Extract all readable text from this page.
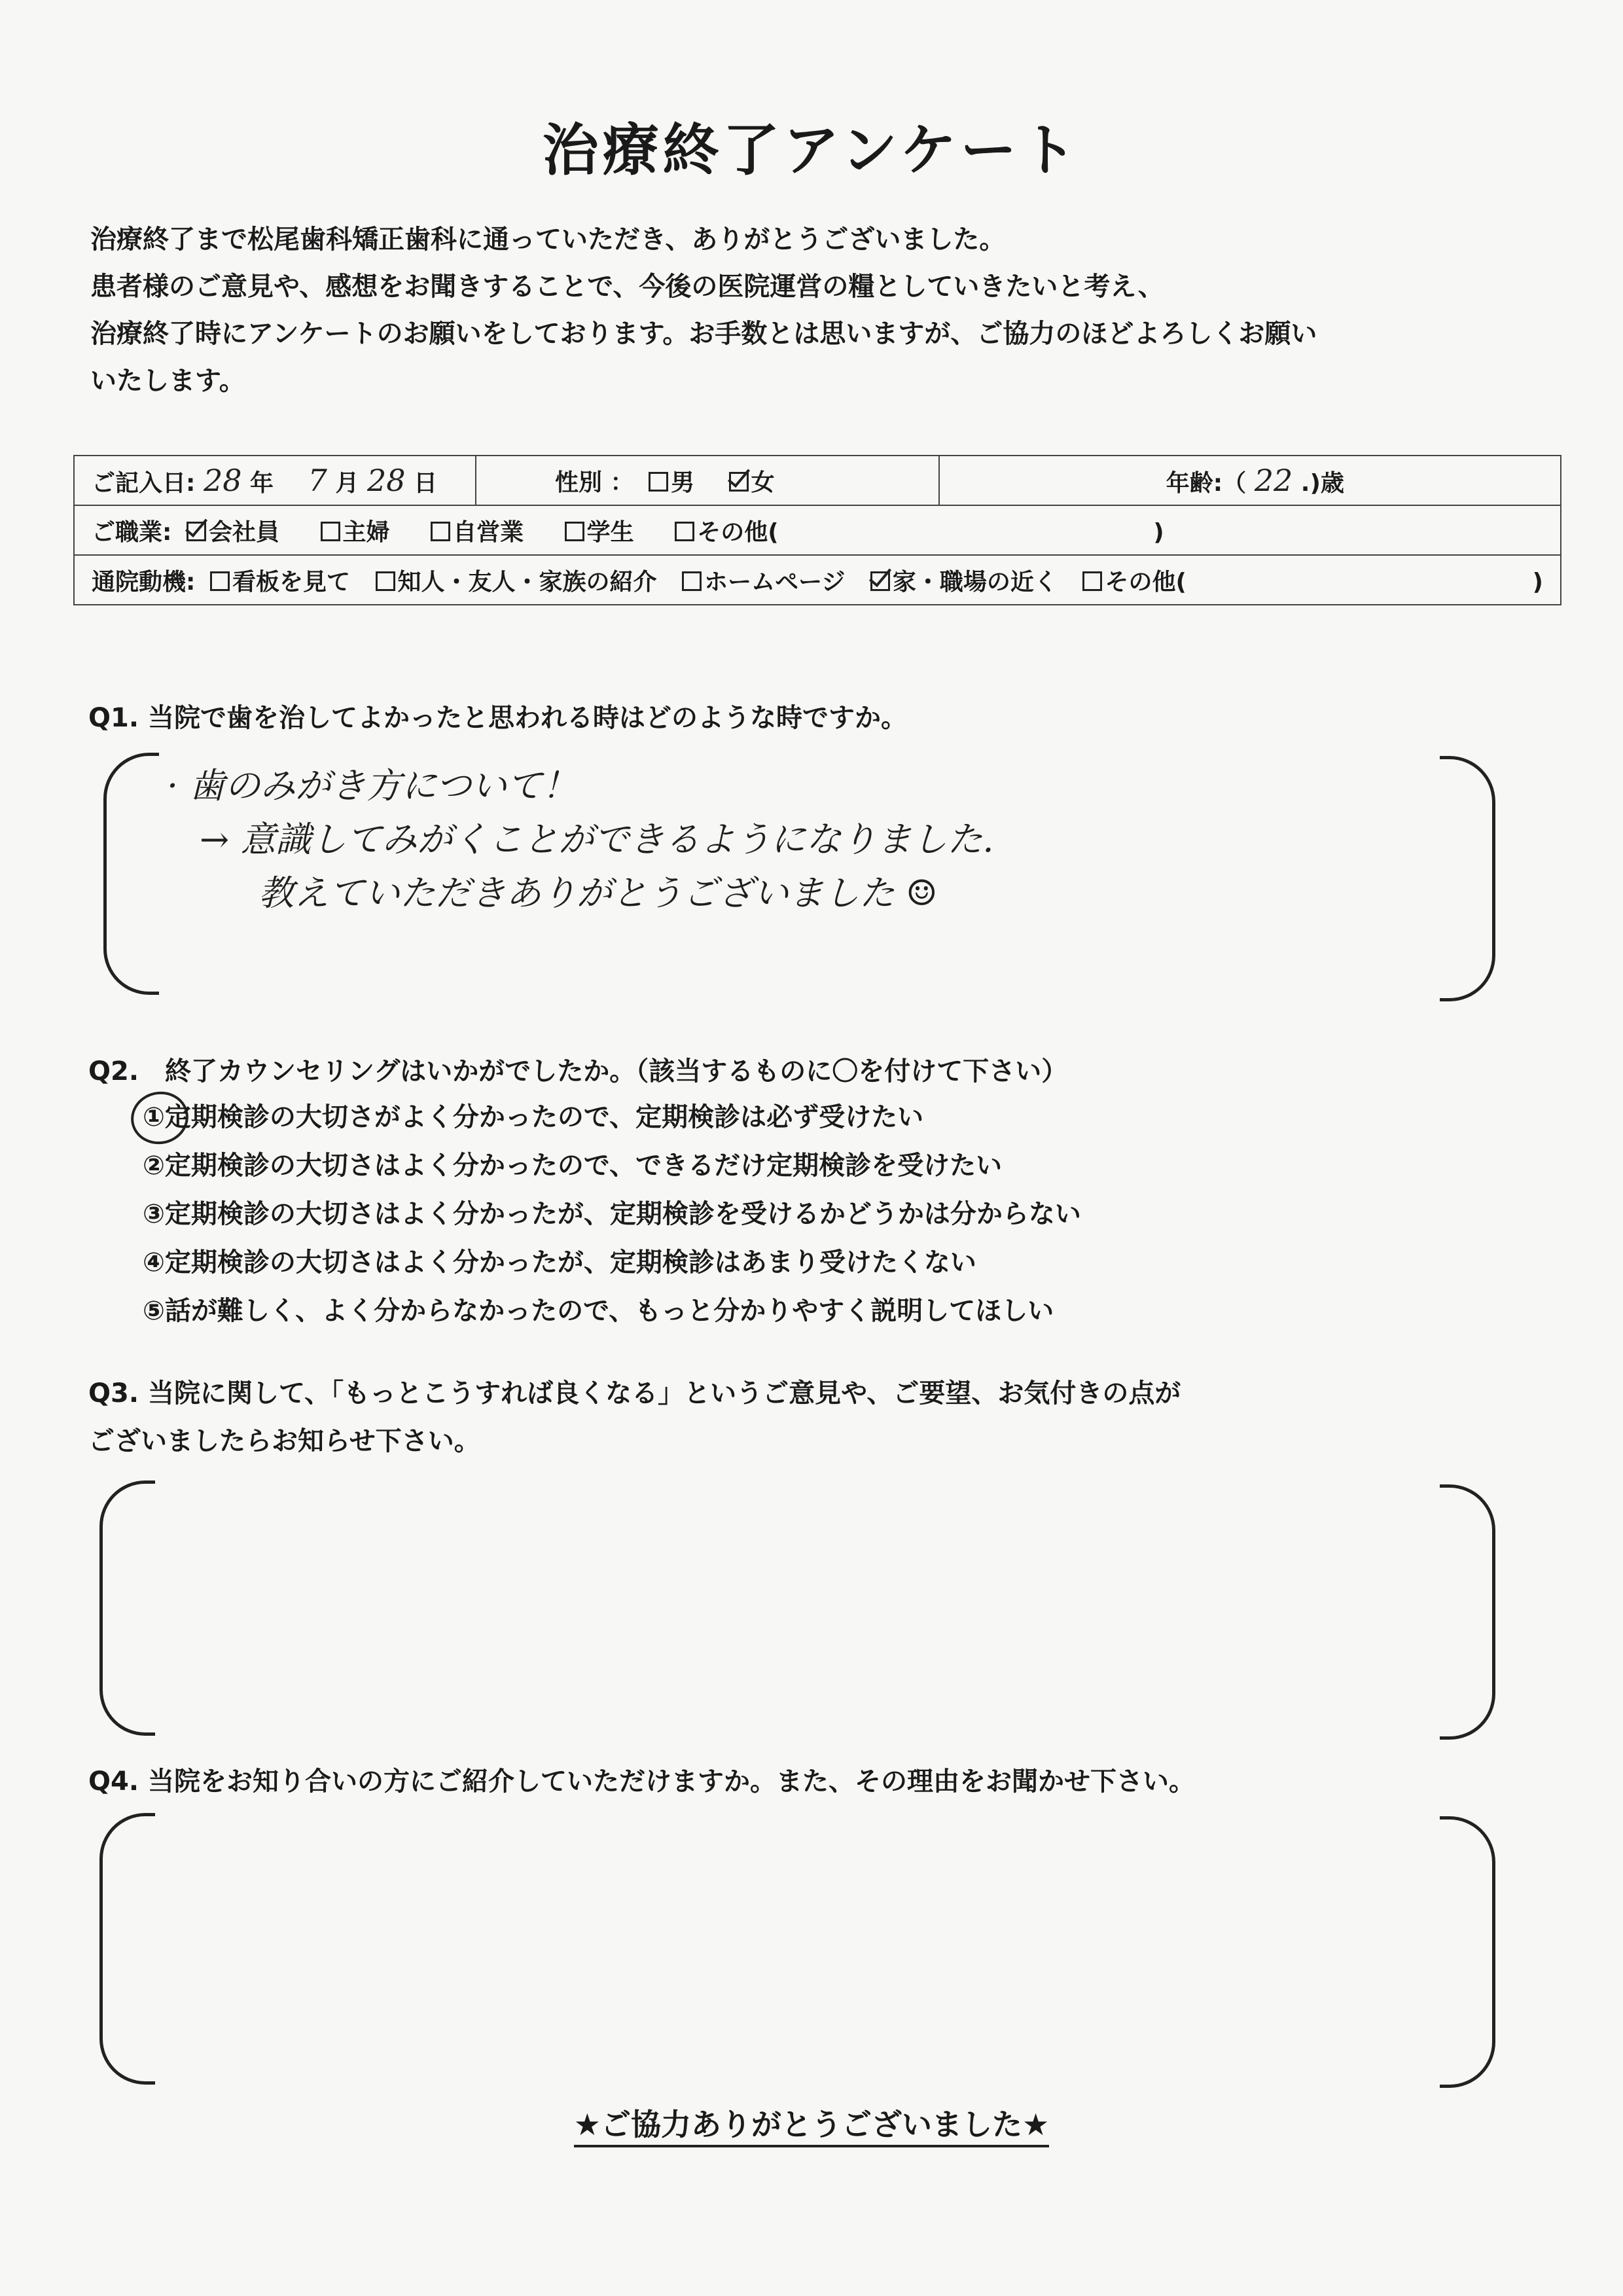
治療終了アンケート
治療終了まで松尾歯科矯正歯科に通っていただき、ありがとうございました。
患者様のご意見や、感想をお聞きすることで、今後の医院運営の糧としていきたいと考え、
治療終了時にアンケートのお願いをしております。お手数とは思いますが、ご協力のほどよろしくお願い
いたします。
ご記入日: 28 年 7 月 28 日	性別 ： 男 女	年齢:（ 22 .)歳
ご職業: 会社員	主婦	自営業	学生	その他(	)
通院動機: 看板を見て 知人・友人・家族の紹介 ホームページ 家・職場の近く その他(	)
Q1. 当院で歯を治してよかったと思われる時はどのような時ですか。
· 歯のみがき方について！
→ 意識してみがくことができるようになりました.
教えていただきありがとうございました ☺
Q2.　終了カウンセリングはいかがでしたか。（該当するものに〇を付けて下さい）
①定期検診の大切さがよく分かったので、定期検診は必ず受けたい
②定期検診の大切さはよく分かったので、できるだけ定期検診を受けたい
③定期検診の大切さはよく分かったが、定期検診を受けるかどうかは分からない
④定期検診の大切さはよく分かったが、定期検診はあまり受けたくない
⑤話が難しく、よく分からなかったので、もっと分かりやすく説明してほしい
Q3. 当院に関して、「もっとこうすれば良くなる」というご意見や、ご要望、お気付きの点が
ございましたらお知らせ下さい。
Q4. 当院をお知り合いの方にご紹介していただけますか。また、その理由をお聞かせ下さい。
★ご協力ありがとうございました★
